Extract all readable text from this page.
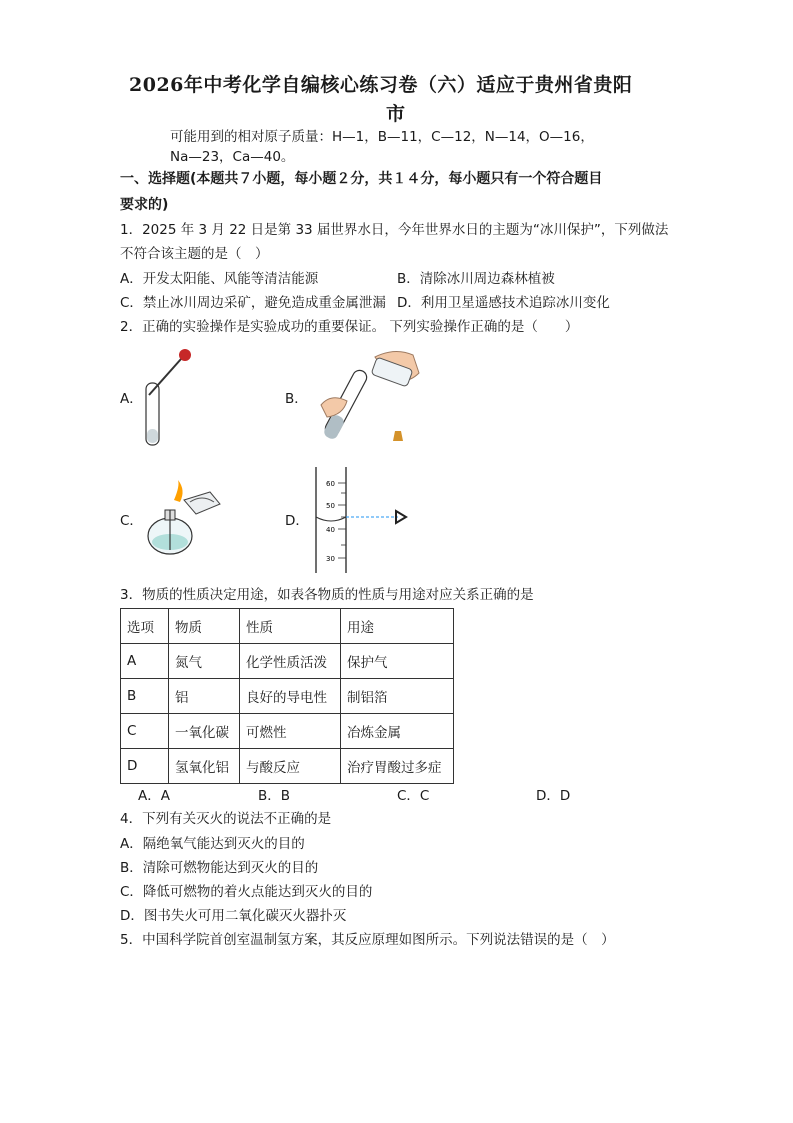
2026年中考化学自编核心练习卷（六）适应于贵州省贵阳
市
可能用到的相对原子质量：H—1，B—11，C—12，N—14，O—16，
Na—23，Ca—40。
一、选择题(本题共７小题，每小题２分，共１４分，每小题只有一个符合题目
要求的)
1．2025 年 3 月 22 日是第 33 届世界水日，今年世界水日的主题为“冰川保护”，下列做法
不符合该主题的是（　）
A．开发太阳能、风能等清洁能源	B．清除冰川周边森林植被
C．禁止冰川周边采矿，避免造成重金属泄漏 D．利用卫星遥感技术追踪冰川变化
2．正确的实验操作是实验成功的重要保证。 下列实验操作正确的是（　　）
A．	B．
C．	D．
60
50
40
30
3．物质的性质决定用途，如表各物质的性质与用途对应关系正确的是
选项	物质	性质	用途
A	氮气	化学性质活泼	保护气
B	铝	良好的导电性	制铝箔
C	一氧化碳	可燃性	冶炼金属
D	氢氧化铝	与酸反应	治疗胃酸过多症
A．A	B．B	C．C	D．D
4．下列有关灭火的说法不正确的是
A．隔绝氧气能达到灭火的目的
B．清除可燃物能达到灭火的目的
C．降低可燃物的着火点能达到灭火的目的
D．图书失火可用二氧化碳灭火器扑灭
5．中国科学院首创室温制氢方案，其反应原理如图所示。下列说法错误的是（　）
